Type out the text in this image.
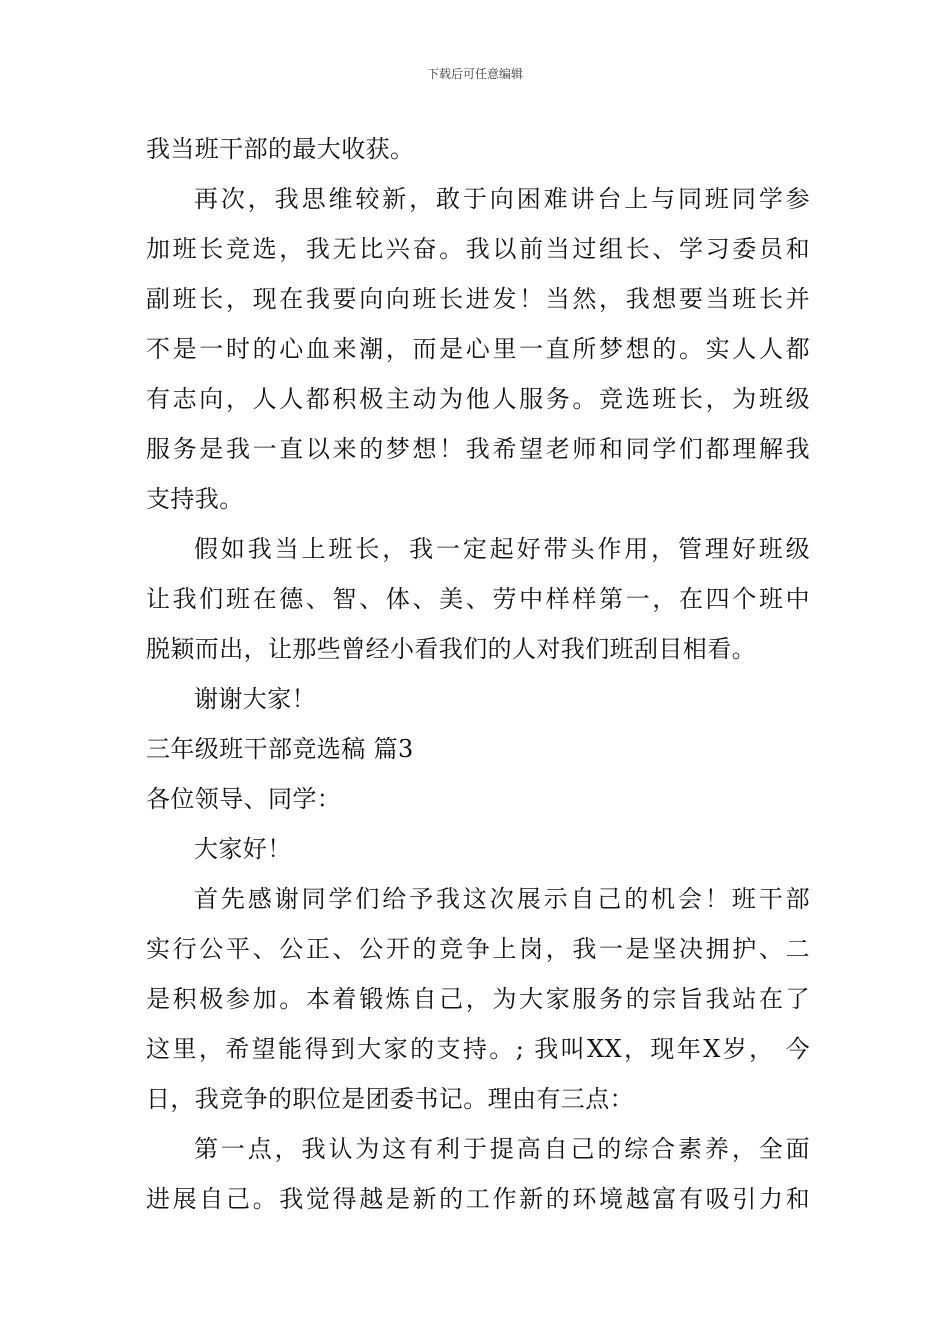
下载后可任意编辑
我当班干部的最大收获。
再次，我思维较新，敢于向困难讲台上与同班同学参
加班长竞选，我无比兴奋。我以前当过组长、学习委员和
副班长，现在我要向向班长进发！当然，我想要当班长并
不是一时的心血来潮，而是心里一直所梦想的。实人人都
有志向，人人都积极主动为他人服务。竞选班长，为班级
服务是我一直以来的梦想！我希望老师和同学们都理解我
支持我。
假如我当上班长，我一定起好带头作用，管理好班级
让我们班在德、智、体、美、劳中样样第一，在四个班中
脱颖而出，让那些曾经小看我们的人对我们班刮目相看。
谢谢大家！
三年级班干部竞选稿 篇3
各位领导、同学：
大家好！
首先感谢同学们给予我这次展示自己的机会！班干部
实行公平、公正、公开的竞争上岗，我一是坚决拥护、二
是积极参加。本着锻炼自己，为大家服务的宗旨我站在了
这里，希望能得到大家的支持。; 我叫XX，现年X岁， 今
日，我竞争的职位是团委书记。理由有三点：
第一点，我认为这有利于提高自己的综合素养，全面
进展自己。我觉得越是新的工作新的环境越富有吸引力和
